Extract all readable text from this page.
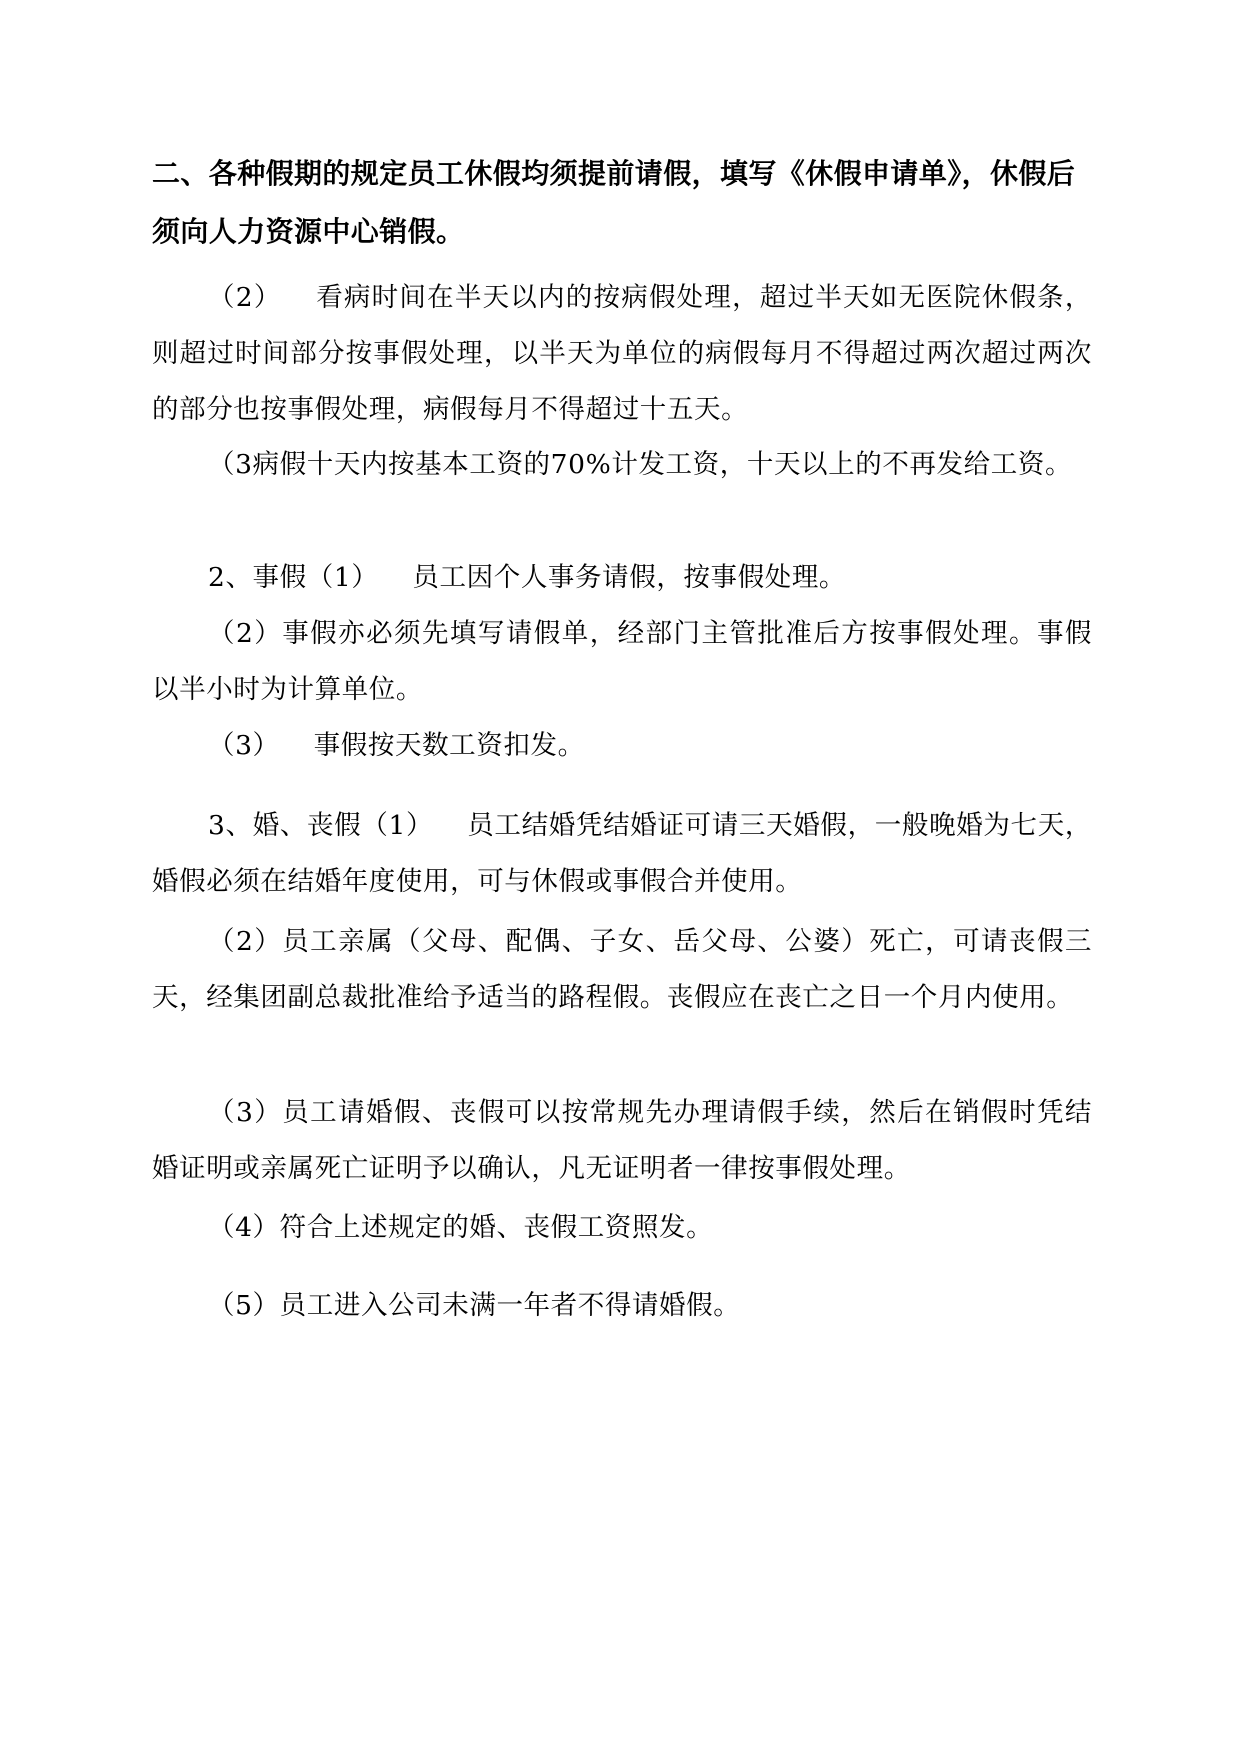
二、各种假期的规定员工休假均须提前请假，填写《休假申请单》，休假后须向人力资源中心销假。

（2） 看病时间在半天以内的按病假处理，超过半天如无医院休假条，则超过时间部分按事假处理，以半天为单位的病假每月不得超过两次超过两次的部分也按事假处理，病假每月不得超过十五天。

（3病假十天内按基本工资的70%计发工资，十天以上的不再发给工资。

2、事假（1） 员工因个人事务请假，按事假处理。

（2）事假亦必须先填写请假单，经部门主管批准后方按事假处理。事假以半小时为计算单位。

（3） 事假按天数工资扣发。

3、婚、丧假（1） 员工结婚凭结婚证可请三天婚假，一般晚婚为七天，婚假必须在结婚年度使用，可与休假或事假合并使用。

（2）员工亲属（父母、配偶、子女、岳父母、公婆）死亡，可请丧假三天，经集团副总裁批准给予适当的路程假。丧假应在丧亡之日一个月内使用。

（3）员工请婚假、丧假可以按常规先办理请假手续，然后在销假时凭结婚证明或亲属死亡证明予以确认，凡无证明者一律按事假处理。

（4）符合上述规定的婚、丧假工资照发。

（5）员工进入公司未满一年者不得请婚假。
